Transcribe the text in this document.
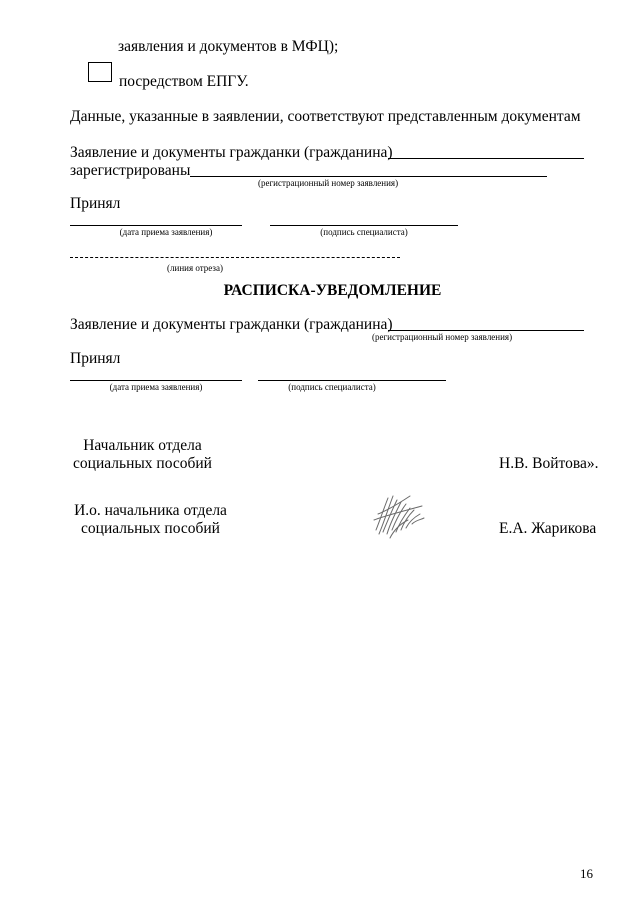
заявления и документов в МФЦ);
посредством ЕПГУ.
Данные, указанные в заявлении, соответствуют представленным документам
Заявление и документы гражданки (гражданина)
зарегистрированы
(регистрационный номер заявления)
Принял
(дата приема заявления)	(подпись специалиста)
(линия отреза)
РАСПИСКА-УВЕДОМЛЕНИЕ
Заявление и документы гражданки (гражданина)
(регистрационный номер заявления)
Принял
(дата приема заявления)	(подпись специалиста)
Начальник отдела
социальных пособий	Н.В. Войтова».
И.о. начальника отдела
социальных пособий	Е.А. Жарикова
16
